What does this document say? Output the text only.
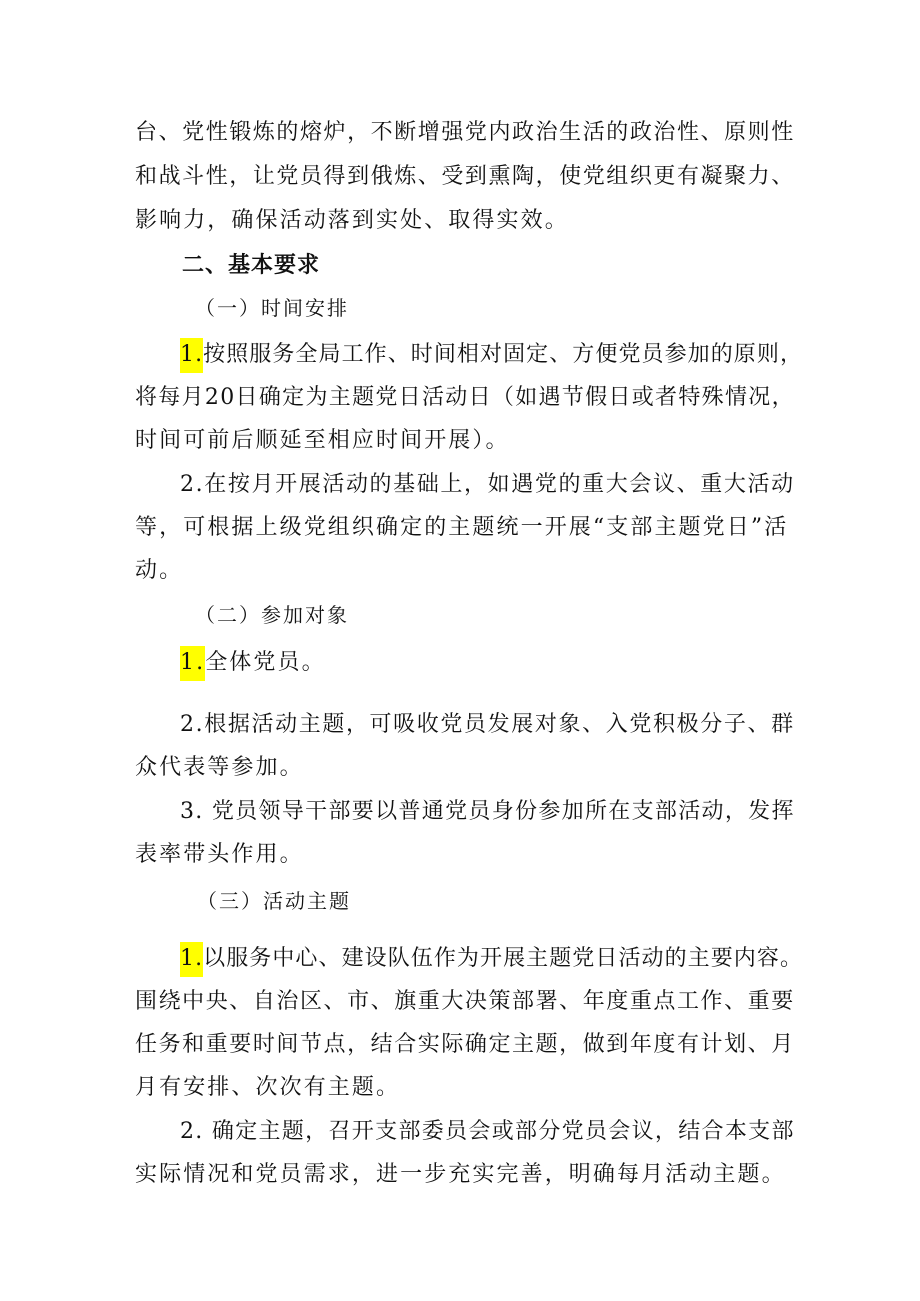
台、党性锻炼的熔炉，不断增强党内政治生活的政治性、原则性
和战斗性，让党员得到俄炼、受到熏陶，使党组织更有凝聚力、
影响力，确保活动落到实处、取得实效。
二、基本要求
（一）时间安排
1.按照服务全局工作、时间相对固定、方便党员参加的原则，
将每月20日确定为主题党日活动日（如遇节假日或者特殊情况，
时间可前后顺延至相应时间开展）。
2.在按月开展活动的基础上，如遇党的重大会议、重大活动
等，可根据上级党组织确定的主题统一开展“支部主题党日”活
动。
（二）参加对象
1.全体党员。
2.根据活动主题，可吸收党员发展对象、入党积极分子、群
众代表等参加。
3. 党员领导干部要以普通党员身份参加所在支部活动，发挥
表率带头作用。
（三）活动主题
1.以服务中心、建设队伍作为开展主题党日活动的主要内容。
围绕中央、自治区、市、旗重大决策部署、年度重点工作、重要
任务和重要时间节点，结合实际确定主题，做到年度有计划、月
月有安排、次次有主题。
2. 确定主题，召开支部委员会或部分党员会议，结合本支部
实际情况和党员需求，进一步充实完善，明确每月活动主题。
